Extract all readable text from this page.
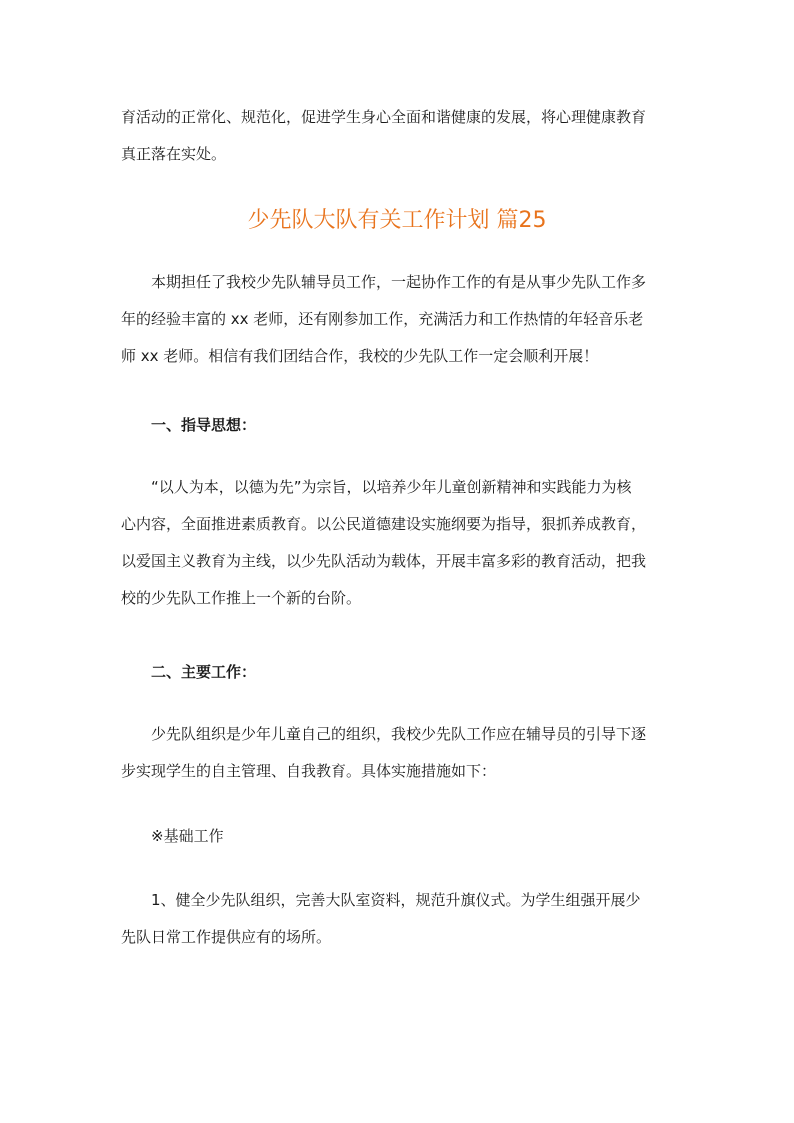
育活动的正常化、规范化，促进学生身心全面和谐健康的发展，将心理健康教育
真正落在实处。

少先队大队有关工作计划 篇25

本期担任了我校少先队辅导员工作，一起协作工作的有是从事少先队工作多
年的经验丰富的 xx 老师，还有刚参加工作，充满活力和工作热情的年轻音乐老
师 xx 老师。相信有我们团结合作，我校的少先队工作一定会顺利开展！

一、指导思想：

“以人为本，以德为先”为宗旨，以培养少年儿童创新精神和实践能力为核
心内容，全面推进素质教育。以公民道德建设实施纲要为指导，狠抓养成教育，
以爱国主义教育为主线，以少先队活动为载体，开展丰富多彩的教育活动，把我
校的少先队工作推上一个新的台阶。

二、主要工作：

少先队组织是少年儿童自己的组织，我校少先队工作应在辅导员的引导下逐
步实现学生的自主管理、自我教育。具体实施措施如下：

※基础工作

1、健全少先队组织，完善大队室资料，规范升旗仪式。为学生组强开展少
先队日常工作提供应有的场所。
